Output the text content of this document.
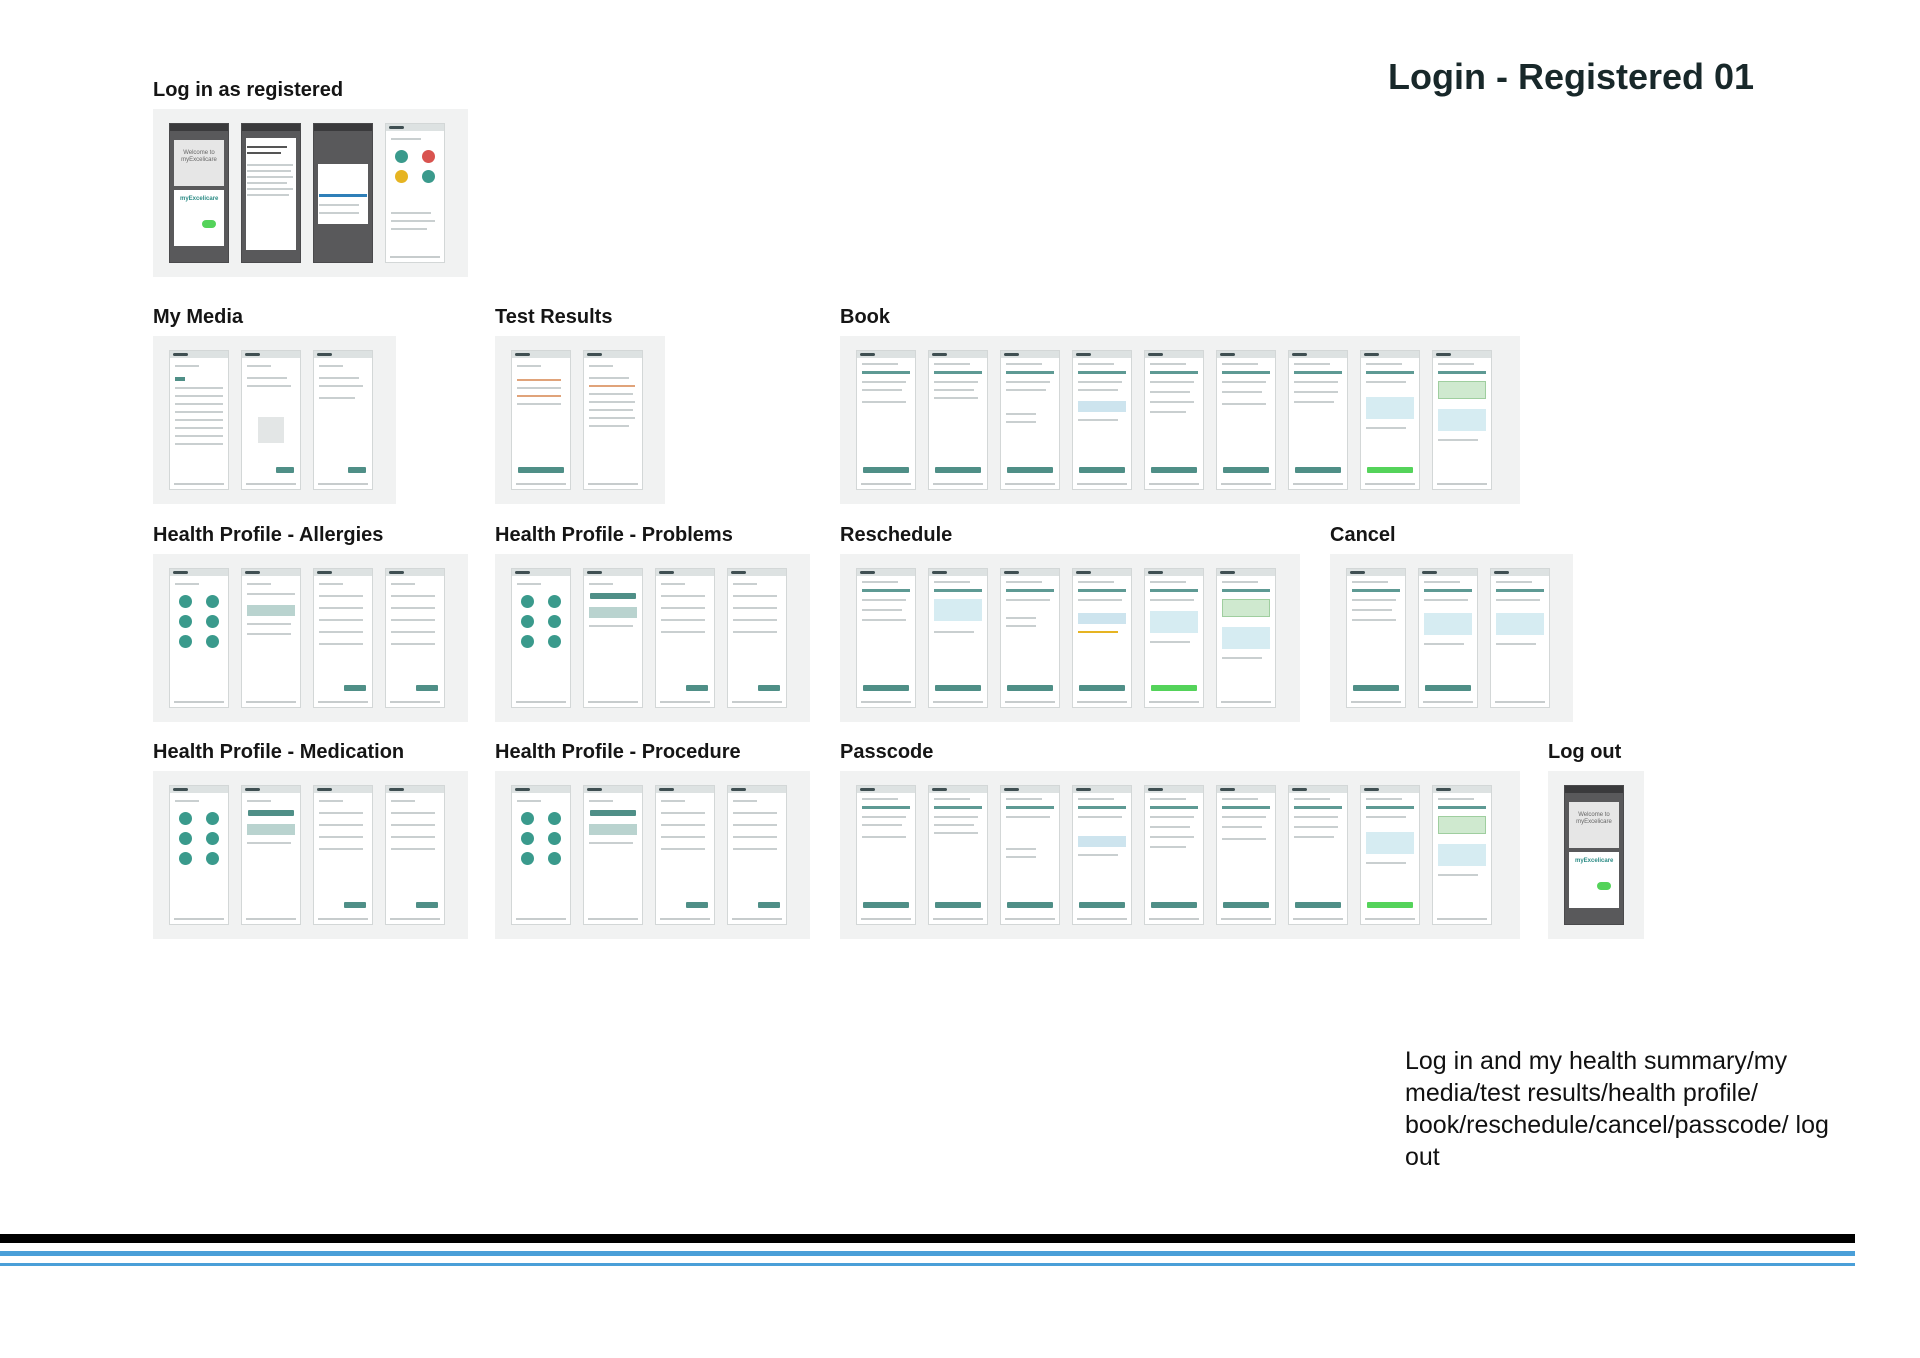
Login - Registered 01
Log in as registered
Welcome to myExcelicare
myExcelicare
My Media	Test Results	Book
Health Profile - Allergies	Health Profile - Problems	Reschedule	Cancel
Health Profile - Medication	Health Profile - Procedure	Passcode	Log out
Welcome to myExcelicare
myExcelicare

Log in and my health summary/my media/test results/health profile/ book/reschedule/cancel/passcode/ log out
